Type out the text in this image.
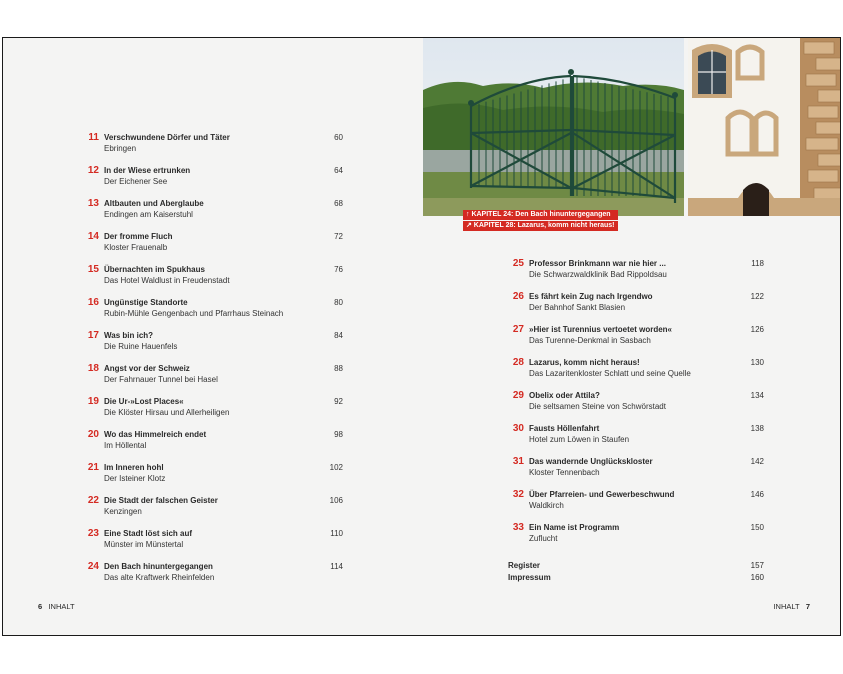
11 Verschwundene Dörfer und Täter
Ebringen
60
12 In der Wiese ertrunken
Der Eichener See
64
13 Altbauten und Aberglaube
Endingen am Kaiserstuhl
68
14 Der fromme Fluch
Kloster Frauenalb
72
15 Übernachten im Spukhaus
Das Hotel Waldlust in Freudenstadt
76
16 Ungünstige Standorte
Rubin-Mühle Gengenbach und Pfarrhaus Steinach
80
17 Was bin ich?
Die Ruine Hauenfels
84
18 Angst vor der Schweiz
Der Fahrnauer Tunnel bei Hasel
88
19 Die Ur-»Lost Places«
Die Klöster Hirsau und Allerheiligen
92
20 Wo das Himmelreich endet
Im Höllental
98
21 Im Inneren hohl
Der Isteiner Klotz
102
22 Die Stadt der falschen Geister
Kenzingen
106
23 Eine Stadt löst sich auf
Münster im Münstertal
110
24 Den Bach hinuntergegangen
Das alte Kraftwerk Rheinfelden
114
6 INHALT
↑ KAPITEL 24: Den Bach hinuntergegangen
↗ KAPITEL 28: Lazarus, komm nicht heraus!
25 Professor Brinkmann war nie hier ...
Die Schwarzwaldklinik Bad Rippoldsau
118
26 Es fährt kein Zug nach Irgendwo
Der Bahnhof Sankt Blasien
122
27 »Hier ist Turennius vertoetet worden«
Das Turenne-Denkmal in Sasbach
126
28 Lazarus, komm nicht heraus!
Das Lazaritenkloster Schlatt und seine Quelle
130
29 Obelix oder Attila?
Die seltsamen Steine von Schwörstadt
134
30 Fausts Höllenfahrt
Hotel zum Löwen in Staufen
138
31 Das wandernde Unglückskloster
Kloster Tennenbach
142
32 Über Pfarreien- und Gewerbeschwund
Waldkirch
146
33 Ein Name ist Programm
Zuflucht
150
Register	157
Impressum	160
INHALT 7
